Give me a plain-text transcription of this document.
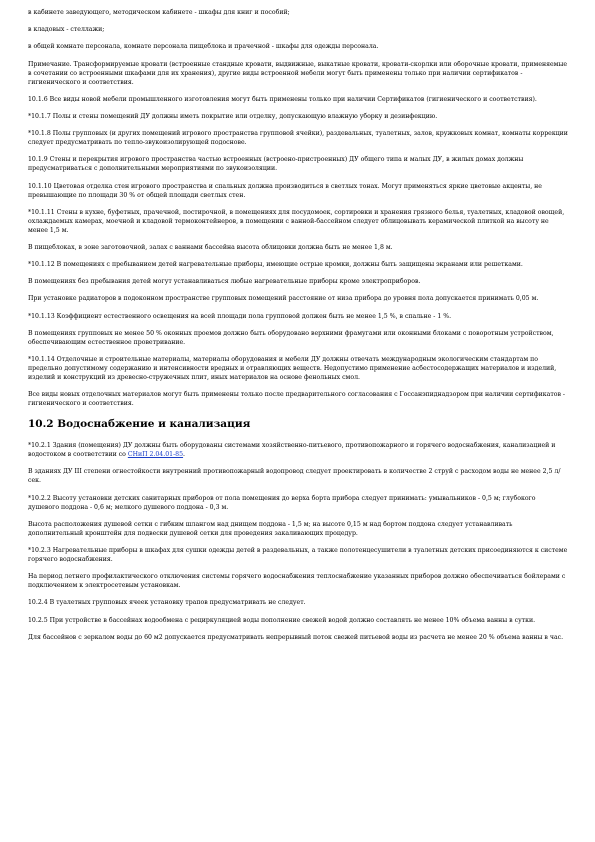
в кабинете заведующего, методическом кабинете - шкафы для книг и пособий;

в кладовых - стеллажи;

в общей комнате персонала, комнате персонала пищеблока и прачечной - шкафы для одежды персонала.

Примечание. Трансформируемые кровати (встроенные стандные кровати, выдвижные, выкатные кровати, кровати-скорлки или оборочные кровати, применяемые в сочетании со встроенными шкафами для их хранения), другие виды встроенной мебели могут быть применены только при наличии сертификатов - гигиенического и соответствия.

10.1.6 Все виды новой мебели промышленного изготовления могут быть применены только при наличии Сертификатов (гигиенического и соответствия).

*10.1.7 Полы и стены помещений ДУ должны иметь покрытие или отделку, допускающую влажную уборку и дезинфекцию.

*10.1.8 Полы групповых (и других помещений игрового пространства групповой ячейки), раздевальных, туалетных, залов, кружковых комнат, комнаты коррекции следует предусматривать по тепло-звукоизолирующей подоснове.

10.1.9 Стены и перекрытия игрового пространства частью встроенных (встроено-пристроенных) ДУ общего типа и малых ДУ, в жилых домах должны предусматриваться с дополнительными мероприятиями по звукоизоляции.

10.1.10 Цветовая отделка стен игрового пространства и спальных должна производиться в светлых тонах. Могут применяться яркие цветовые акценты, не превышающие по площади 30 % от общей площади светлых стен.

*10.1.11 Стены в кухне, буфетных, прачечной, постирочной, в помещениях для посудомоек, сортировки и хранения грязного белья, туалетных, кладовой овощей, охлаждаемых камерах, моечной и кладовой термоконтейнеров, в помещении с ванной-бассейном следует облицовывать керамической плиткой на высоту не менее 1,5 м.

В пищеблоках, в зоне заготовочной, залах с ваннами бассейна высота облицовки должна быть не менее 1,8 м.

*10.1.12 В помещениях с пребыванием детей нагревательные приборы, имеющие острые кромки, должны быть защищены экранами или решетками.

В помещениях без пребывания детей могут устанавливаться любые нагревательные приборы кроме электроприборов.

При установке радиаторов в подоконном пространстве групповых помещений расстояние от низа прибора до уровня пола допускается принимать 0,05 м.

*10.1.13 Коэффициент естественного освещения на всей площади пола групповой должен быть не менее 1,5 %, в спальне - 1 %.

В помещениях групповых не менее 50 % оконных проемов должно быть оборудовано верхними фрамугами или оконными блоками с поворотным устройством, обеспечивающим естественное проветривание.

*10.1.14 Отделочные и строительные материалы, материалы оборудования и мебели ДУ должны отвечать международным экологическим стандартам по предельно допустимому содержанию и интенсивности вредных и отравляющих веществ. Недопустимо применение асбестосодержащих материалов и изделий, изделий и конструкций из древесно-стружечных плит, иных материалов на основе фенольных смол.

Все виды новых отделочных материалов могут быть применены только после предварительного согласования с Госсанэпиднадзором при наличии сертификатов - гигиенического и соответствия.

10.2 Водоснабжение и канализация

*10.2.1 Здания (помещения) ДУ должны быть оборудованы системами хозяйственно-питьевого, противопожарного и горячего водоснабжения, канализацией и водостоком в соответствии со СНиП 2.04.01-85.

В зданиях ДУ III степени огнестойкости внутренний противопожарный водопровод следует проектировать в количестве 2 струй с расходом воды не менее 2,5 л/сек.

*10.2.2 Высоту установки детских санитарных приборов от пола помещения до верха борта прибора следует принимать: умывальников - 0,5 м; глубокого душевого поддона - 0,6 м; мелкого душевого поддона - 0,3 м.

Высота расположения душевой сетки с гибким шлангом над днищем поддона - 1,5 м; на высоте 0,15 м над бортом поддона следует устанавливать дополнительный кронштейн для подвески душевой сетки для проведения закаливающих процедур.

*10.2.3 Нагревательные приборы в шкафах для сушки одежды детей в раздевальных, а также полотенцесушители в туалетных детских присоединяются к системе горячего водоснабжения.

На период летнего профилактического отключения системы горячего водоснабжения теплоснабжение указанных приборов должно обеспечиваться бойлерами с подключением к электросетевым установкам.

10.2.4 В туалетных групповых ячеек установку трапов предусматривать не следует.

10.2.5 При устройстве в бассейнах водообмена с рециркуляцией воды пополнение свежей водой должно составлять не менее 10% объема ванны в сутки.

Для бассейнов с зеркалом воды до 60 м2 допускается предусматривать непрерывный поток свежей питьевой воды из расчета не менее 20 % объема ванны в час.
